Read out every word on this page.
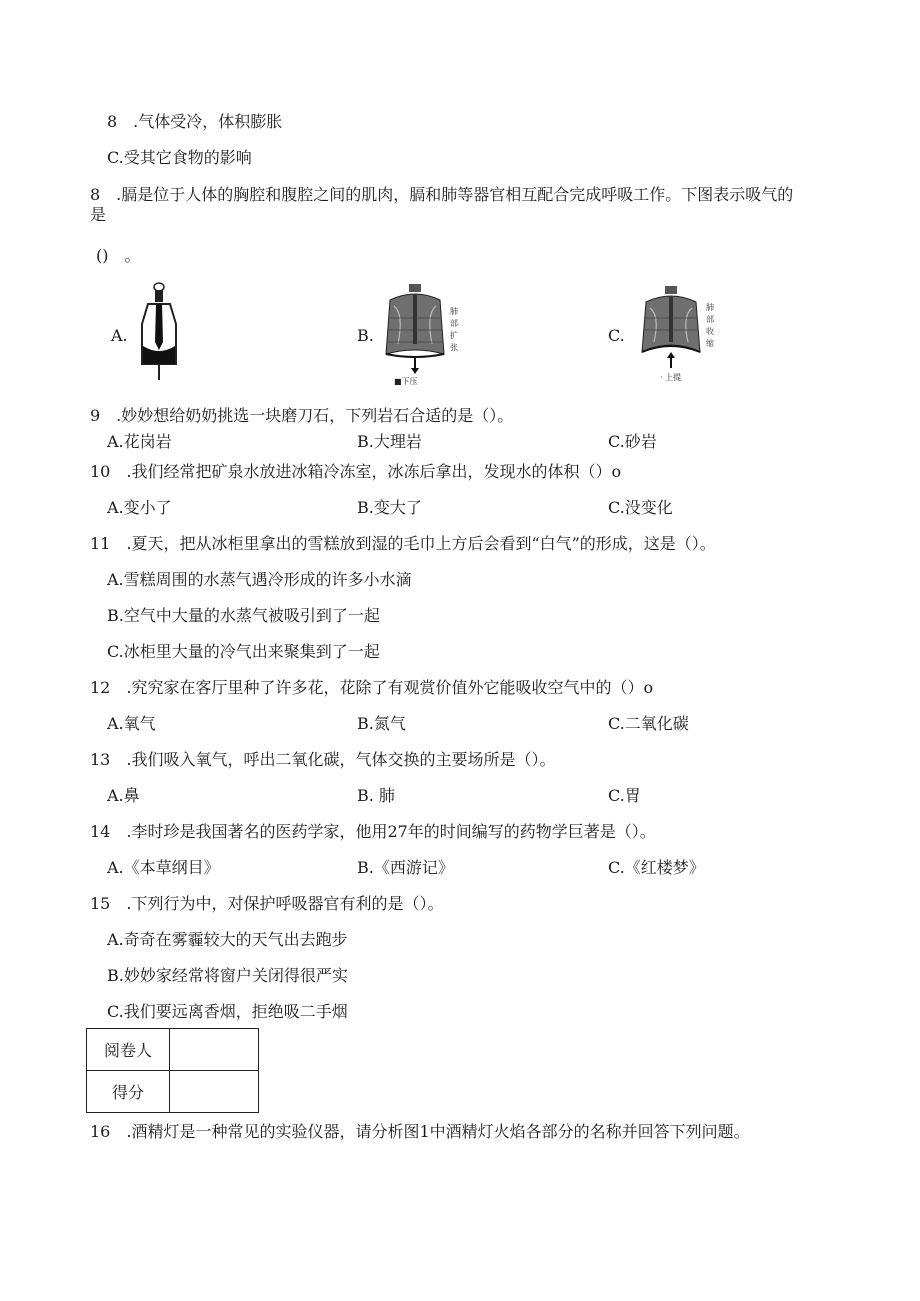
8　.气体受冷，体积膨胀
C.受其它食物的影响
8　.膈是位于人体的胸腔和腹腔之间的肌肉，膈和肺等器官相互配合完成呼吸工作。下图表示吸气的
是
()　。
A.	B.
肺
部
扩
张
■下压
C.
肺
部
收
缩
· 上提
9　.妙妙想给奶奶挑选一块磨刀石，下列岩石合适的是（）。
A.花岗岩	B.大理岩	C.砂岩
10　.我们经常把矿泉水放进冰箱冷冻室，冰冻后拿出，发现水的体积（）o
A.变小了	B.变大了	C.没变化
11　.夏天，把从冰柜里拿出的雪糕放到湿的毛巾上方后会看到“白气”的形成，这是（）。
A.雪糕周围的水蒸气遇冷形成的许多小水滴
B.空气中大量的水蒸气被吸引到了一起
C.冰柜里大量的冷气出来聚集到了一起
12　.究究家在客厅里种了许多花，花除了有观赏价值外它能吸收空气中的（）o
A.氧气	B.氮气	C.二氧化碳
13　.我们吸入氧气，呼出二氧化碳，气体交换的主要场所是（）。
A.鼻	B. 肺	C.胃
14　.李时珍是我国著名的医药学家，他用27年的时间编写的药物学巨著是（）。
A.《本草纲目》	B.《西游记》	C.《红楼梦》
15　.下列行为中，对保护呼吸器官有利的是（）。
A.奇奇在雾霾较大的天气出去跑步
B.妙妙家经常将窗户关闭得很严实
C.我们要远离香烟，拒绝吸二手烟
阅卷人	
得分	
16　.酒精灯是一种常见的实验仪器，请分析图1中酒精灯火焰各部分的名称并回答下列问题。
